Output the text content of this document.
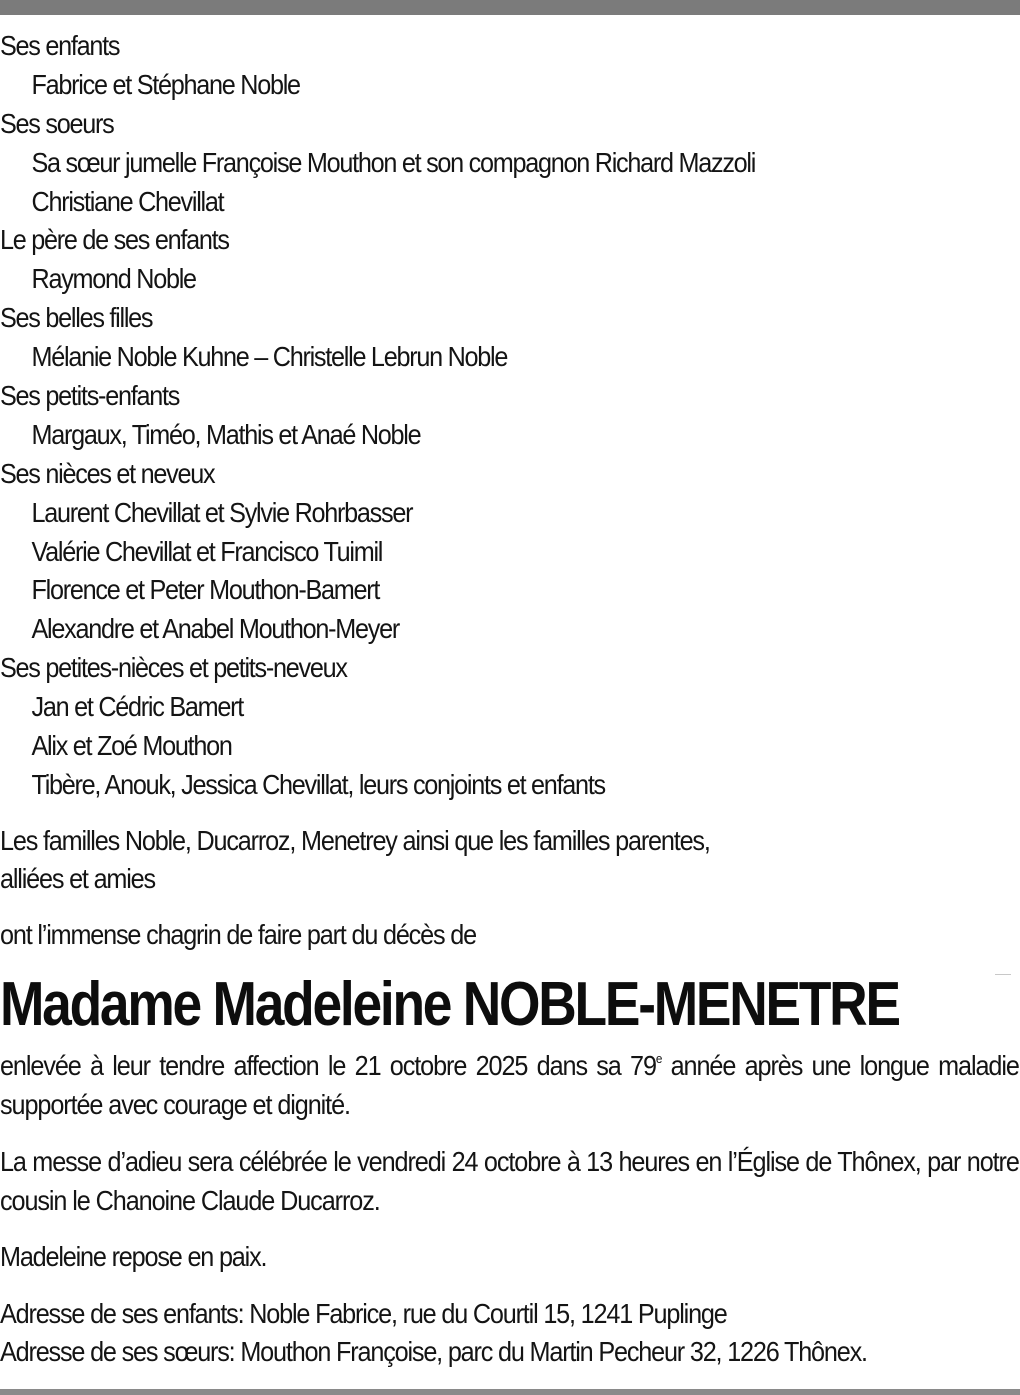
Ses enfants
Fabrice et Stéphane Noble
Ses soeurs
Sa sœur jumelle Françoise Mouthon et son compagnon Richard Mazzoli
Christiane Chevillat
Le père de ses enfants
Raymond Noble
Ses belles filles
Mélanie Noble Kuhne – Christelle Lebrun Noble
Ses petits-enfants
Margaux, Timéo, Mathis et Anaé Noble
Ses nièces et neveux
Laurent Chevillat et Sylvie Rohrbasser
Valérie Chevillat et Francisco Tuimil
Florence et Peter Mouthon-Bamert
Alexandre et Anabel Mouthon-Meyer
Ses petites-nièces et petits-neveux
Jan et Cédric Bamert
Alix et Zoé Mouthon
Tibère, Anouk, Jessica Chevillat, leurs conjoints et enfants
Les familles Noble, Ducarroz, Menetrey ainsi que les familles parentes,
alliées et amies
ont l’immense chagrin de faire part du décès de
Madame Madeleine NOBLE-MENETRE
enlevée à leur tendre affection le 21 octobre 2025 dans sa 79e année après une longue maladie supportée avec courage et dignité.
La messe d’adieu sera célébrée le vendredi 24 octobre à 13 heures en l’Église de Thônex, par notre cousin le Chanoine Claude Ducarroz.
Madeleine repose en paix.
Adresse de ses enfants: Noble Fabrice, rue du Courtil 15, 1241 Puplinge
Adresse de ses sœurs: Mouthon Françoise, parc du Martin Pecheur 32, 1226 Thônex.
